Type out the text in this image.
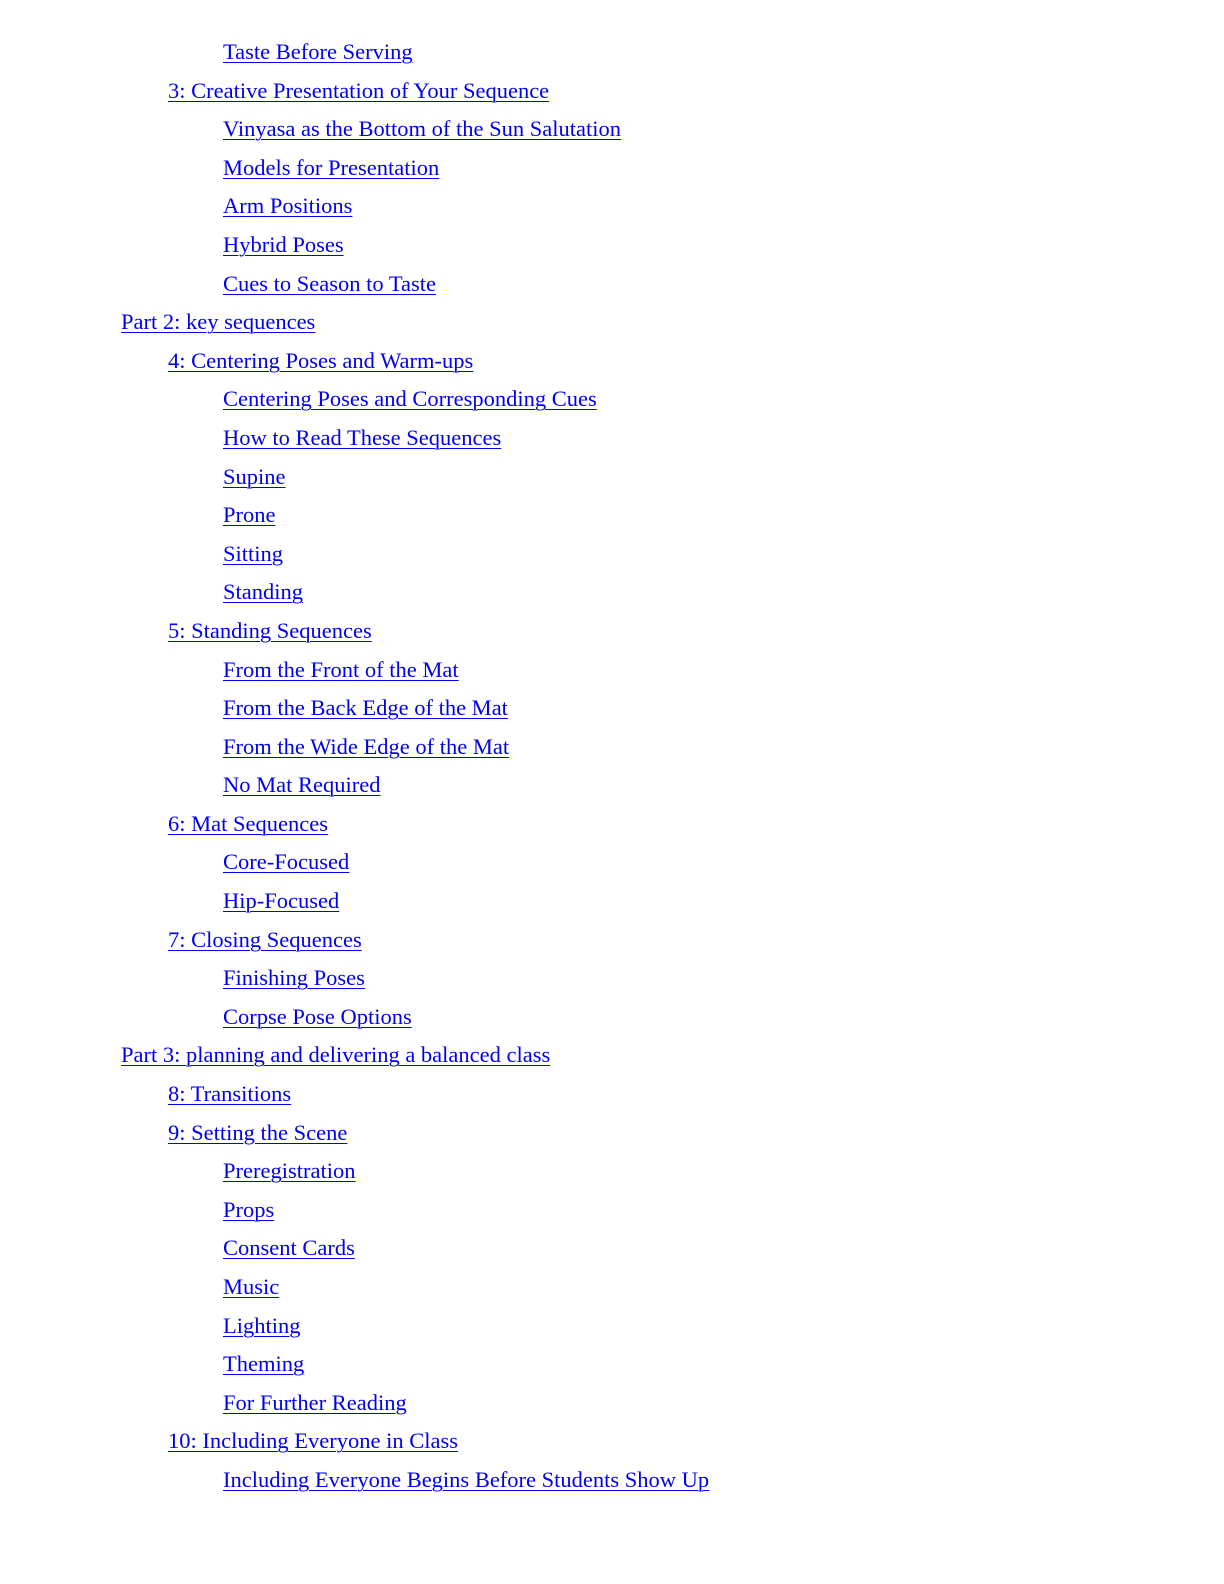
Taste Before Serving
3: Creative Presentation of Your Sequence
Vinyasa as the Bottom of the Sun Salutation
Models for Presentation
Arm Positions
Hybrid Poses
Cues to Season to Taste
Part 2: key sequences
4: Centering Poses and Warm-ups
Centering Poses and Corresponding Cues
How to Read These Sequences
Supine
Prone
Sitting
Standing
5: Standing Sequences
From the Front of the Mat
From the Back Edge of the Mat
From the Wide Edge of the Mat
No Mat Required
6: Mat Sequences
Core-Focused
Hip-Focused
7: Closing Sequences
Finishing Poses
Corpse Pose Options
Part 3: planning and delivering a balanced class
8: Transitions
9: Setting the Scene
Preregistration
Props
Consent Cards
Music
Lighting
Theming
For Further Reading
10: Including Everyone in Class
Including Everyone Begins Before Students Show Up
